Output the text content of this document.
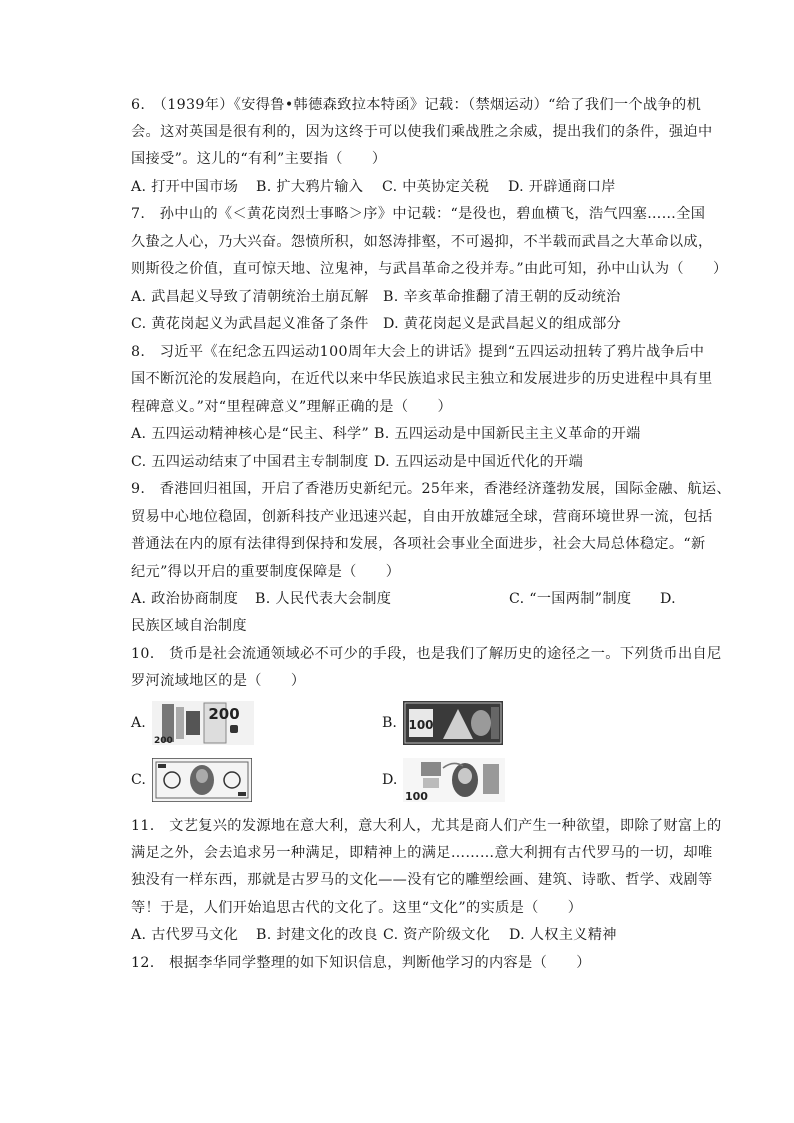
6.　（1939年）《安得鲁•韩德森致拉本特函》记载：（禁烟运动）“给了我们一个战争的机
会。这对英国是很有利的，因为这终于可以使我们乘战胜之余威，提出我们的条件，强迫中
国接受”。这儿的“有利”主要指（　　）
A. 打开中国市场 B. 扩大鸦片输入 C. 中英协定关税 D. 开辟通商口岸
7.　孙中山的《＜黄花岗烈士事略＞序》中记载：“是役也，碧血横飞，浩气四塞……全国
久蛰之人心，乃大兴奋。怨愤所积，如怒涛排壑，不可遏抑，不半载而武昌之大革命以成，
则斯役之价值，直可惊天地、泣鬼神，与武昌革命之役并寿。”由此可知，孙中山认为（　　）
A. 武昌起义导致了清朝统治土崩瓦解 B. 辛亥革命推翻了清王朝的反动统治
C. 黄花岗起义为武昌起义准备了条件 D. 黄花岗起义是武昌起义的组成部分
8.　习近平《在纪念五四运动100周年大会上的讲话》提到“五四运动扭转了鸦片战争后中
国不断沉沦的发展趋向，在近代以来中华民族追求民主独立和发展进步的历史进程中具有里
程碑意义。”对“里程碑意义”理解正确的是（　　）
A. 五四运动精神核心是“民主、科学” B. 五四运动是中国新民主主义革命的开端
C. 五四运动结束了中国君主专制制度 D. 五四运动是中国近代化的开端
9.　香港回归祖国，开启了香港历史新纪元。25年来，香港经济蓬勃发展，国际金融、航运、
贸易中心地位稳固，创新科技产业迅速兴起，自由开放雄冠全球，营商环境世界一流，包括
普通法在内的原有法律得到保持和发展，各项社会事业全面进步，社会大局总体稳定。“新
纪元”得以开启的重要制度保障是（　　）
A. 政治协商制度 B. 人民代表大会制度	C. “一国两制”制度 D.
民族区域自治制度
10.　货币是社会流通领域必不可少的手段，也是我们了解历史的途径之一。下列货币出自尼
罗河流域地区的是（　　）
A.	200
200
B. 100
C.	D.
100
11.　文艺复兴的发源地在意大利，意大利人，尤其是商人们产生一种欲望，即除了财富上的
满足之外，会去追求另一种满足，即精神上的满足………意大利拥有古代罗马的一切，却唯
独没有一样东西，那就是古罗马的文化——没有它的雕塑绘画、建筑、诗歌、哲学、戏剧等
等！于是，人们开始追思古代的文化了。这里“文化”的实质是（　　）
A. 古代罗马文化 B. 封建文化的改良 C. 资产阶级文化 D. 人权主义精神
12.　根据李华同学整理的如下知识信息，判断他学习的内容是（　　）
